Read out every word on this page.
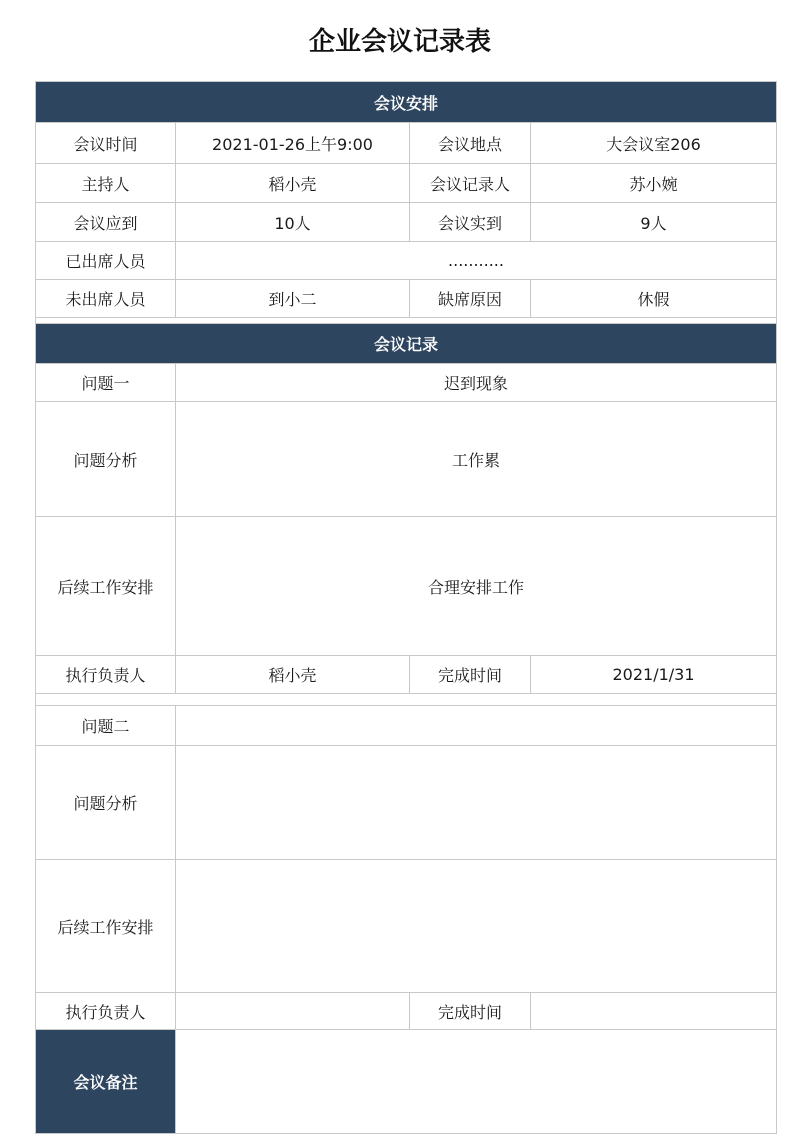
企业会议记录表
会议安排			
会议时间	2021-01-26上午9:00	会议地点	大会议室206
主持人	稻小壳	会议记录人	苏小婉
会议应到	10人	会议实到	9人
已出席人员	...........		
未出席人员	到小二	缺席原因	休假

会议记录			
问题一	迟到现象		
问题分析	工作累		
后续工作安排	合理安排工作		
执行负责人	稻小壳	完成时间	2021/1/31

问题二			
问题分析			
后续工作安排			
执行负责人		完成时间	
会议备注			
